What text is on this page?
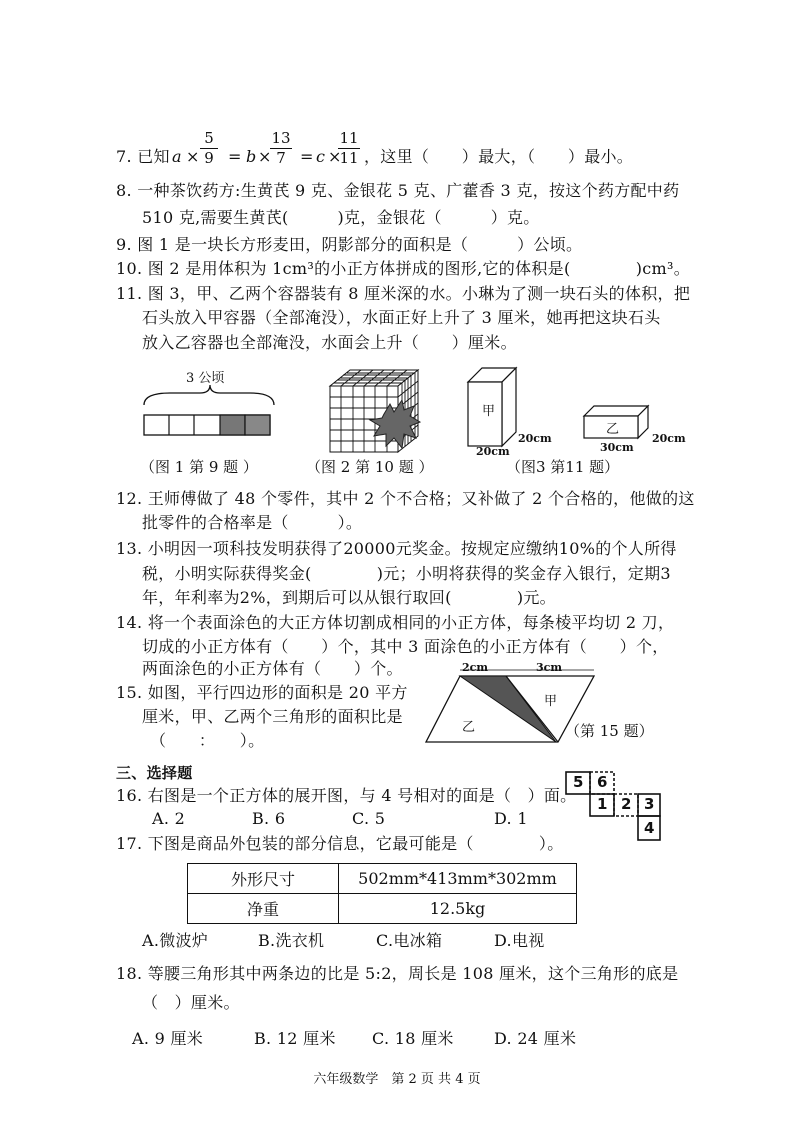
7. 已知 a ×
5
9 = b ×
13
7 = c ×
11
11 ，这里（　　）最大，（　　）最小。
8. 一种茶饮药方:生黄芪 9 克、金银花 5 克、广藿香 3 克，按这个药方配中药
510 克,需要生黄芪(　　　)克，金银花（　　　）克。
9. 图 1 是一块长方形麦田，阴影部分的面积是（　　　）公顷。
10. 图 2 是用体积为 1cm³的小正方体拼成的图形,它的体积是(　　　　)cm³。
11. 图 3，甲、乙两个容器装有 8 厘米深的水。小琳为了测一块石头的体积，把
石头放入甲容器（全部淹没），水面正好上升了 3 厘米，她再把这块石头
放入乙容器也全部淹没，水面会上升（　　）厘米。
3 公顷
（图 1 第 9 题 ）	（图 2 第 10 题 ）
甲
20cm
20cm
乙
30cm
20cm
（图3 第11 题）
12. 王师傅做了 48 个零件，其中 2 个不合格；又补做了 2 个合格的，他做的这
批零件的合格率是（　　　）。
13. 小明因一项科技发明获得了20000元奖金。按规定应缴纳10%的个人所得
税，小明实际获得奖金(　　　　)元；小明将获得的奖金存入银行，定期3
年，年利率为2%，到期后可以从银行取回(　　　　)元。
14. 将一个表面涂色的大正方体切割成相同的小正方体，每条棱平均切 2 刀，
切成的小正方体有（　　）个，其中 3 面涂色的小正方体有（　　）个，
两面涂色的小正方体有（　　）个。
15. 如图，平行四边形的面积是 20 平方
厘米，甲、乙两个三角形的面积比是
（　　：　　）。
2cm	3cm
甲
乙	（第 15 题）
三、选择题
16. 右图是一个正方体的展开图，与 4 号相对的面是（　）面。
A. 2	B. 6	C. 5	D. 1
5 6
1 2 3
4
17. 下图是商品外包装的部分信息，它最可能是（　　　　）。
外形尺寸	502mm*413mm*302mm
净重	12.5kg
A.微波炉	B.洗衣机	C.电冰箱	D.电视
18. 等腰三角形其中两条边的比是 5:2，周长是 108 厘米，这个三角形的底是
（　）厘米。
A. 9 厘米	B. 12 厘米 C. 18 厘米	D. 24 厘米
六年级数学　第 2 页 共 4 页
